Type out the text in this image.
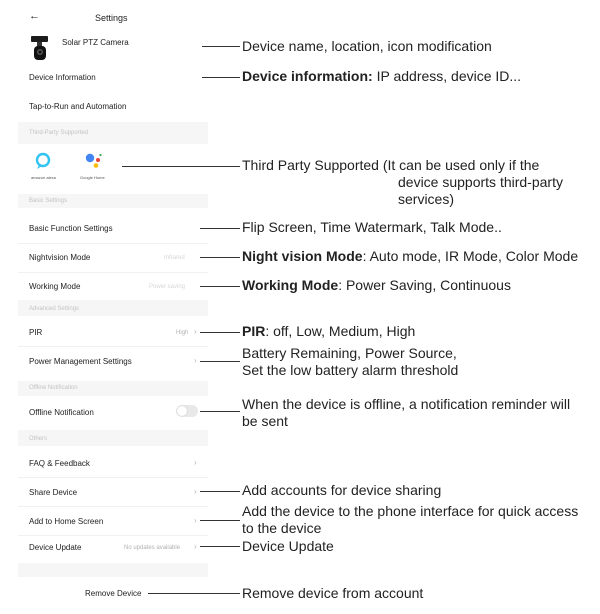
←	Settings
Solar PTZ Camera
Device Information
Tap-to-Run and Automation
Third-Party Supported
amazon alexa	Google Home
Basic Settings
Basic Function Settings
Nightvision Mode	Infrared
Working Mode	Power saving
Advanced Settings
PIR	High ›
Power Management Settings	›
Offline Notification
Offline Notification
Others
FAQ & Feedback	›
Share Device	›
Add to Home Screen	›
Device Update	No updates available ›
Remove Device
Device name, location, icon modification
Device information: IP address, device ID...
Third Party Supported (It can be used only if the
device supports third-party
services)
Flip Screen, Time Watermark, Talk Mode..
Night vision Mode: Auto mode, IR Mode, Color Mode
Working Mode: Power Saving, Continuous
PIR: off, Low, Medium, High
Battery Remaining, Power Source,
Set the low battery alarm threshold
When the device is offline, a notification reminder will
be sent
Add accounts for device sharing
Add the device to the phone interface for quick access
to the device
Device Update
Remove device from account
